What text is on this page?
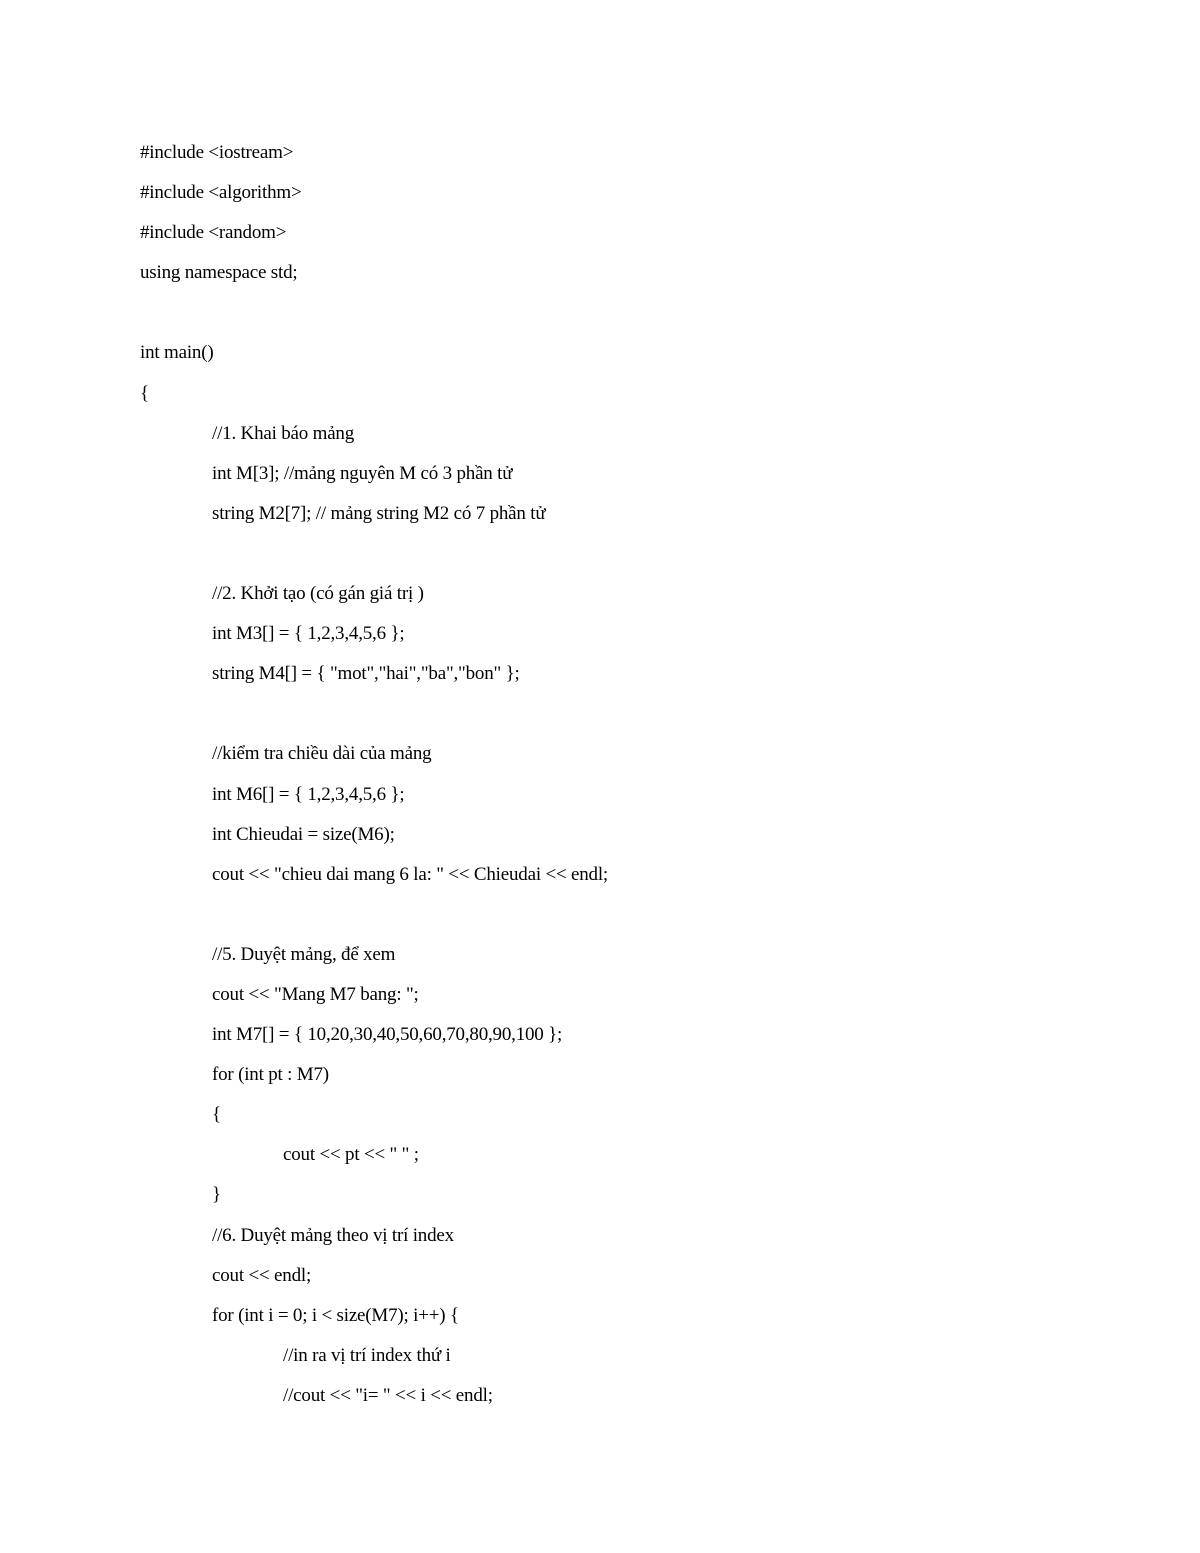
#include <iostream>
#include <algorithm>
#include <random>
using namespace std;
int main()
{
//1. Khai báo mảng
int M[3]; //mảng nguyên M có 3 phần tử
string M2[7]; // mảng string M2 có 7 phần tử
//2. Khởi tạo (có gán giá trị )
int M3[] = { 1,2,3,4,5,6 };
string M4[] = { "mot","hai","ba","bon" };
//kiểm tra chiều dài của mảng
int M6[] = { 1,2,3,4,5,6 };
int Chieudai = size(M6);
cout << "chieu dai mang 6 la: " << Chieudai << endl;
//5. Duyệt mảng, để xem
cout << "Mang M7 bang: ";
int M7[] = { 10,20,30,40,50,60,70,80,90,100 };
for (int pt : M7)
{
cout << pt << " " ;
}
//6. Duyệt mảng theo vị trí index
cout << endl;
for (int i = 0; i < size(M7); i++) {
//in ra vị trí index thứ i
//cout << "i= " << i << endl;
